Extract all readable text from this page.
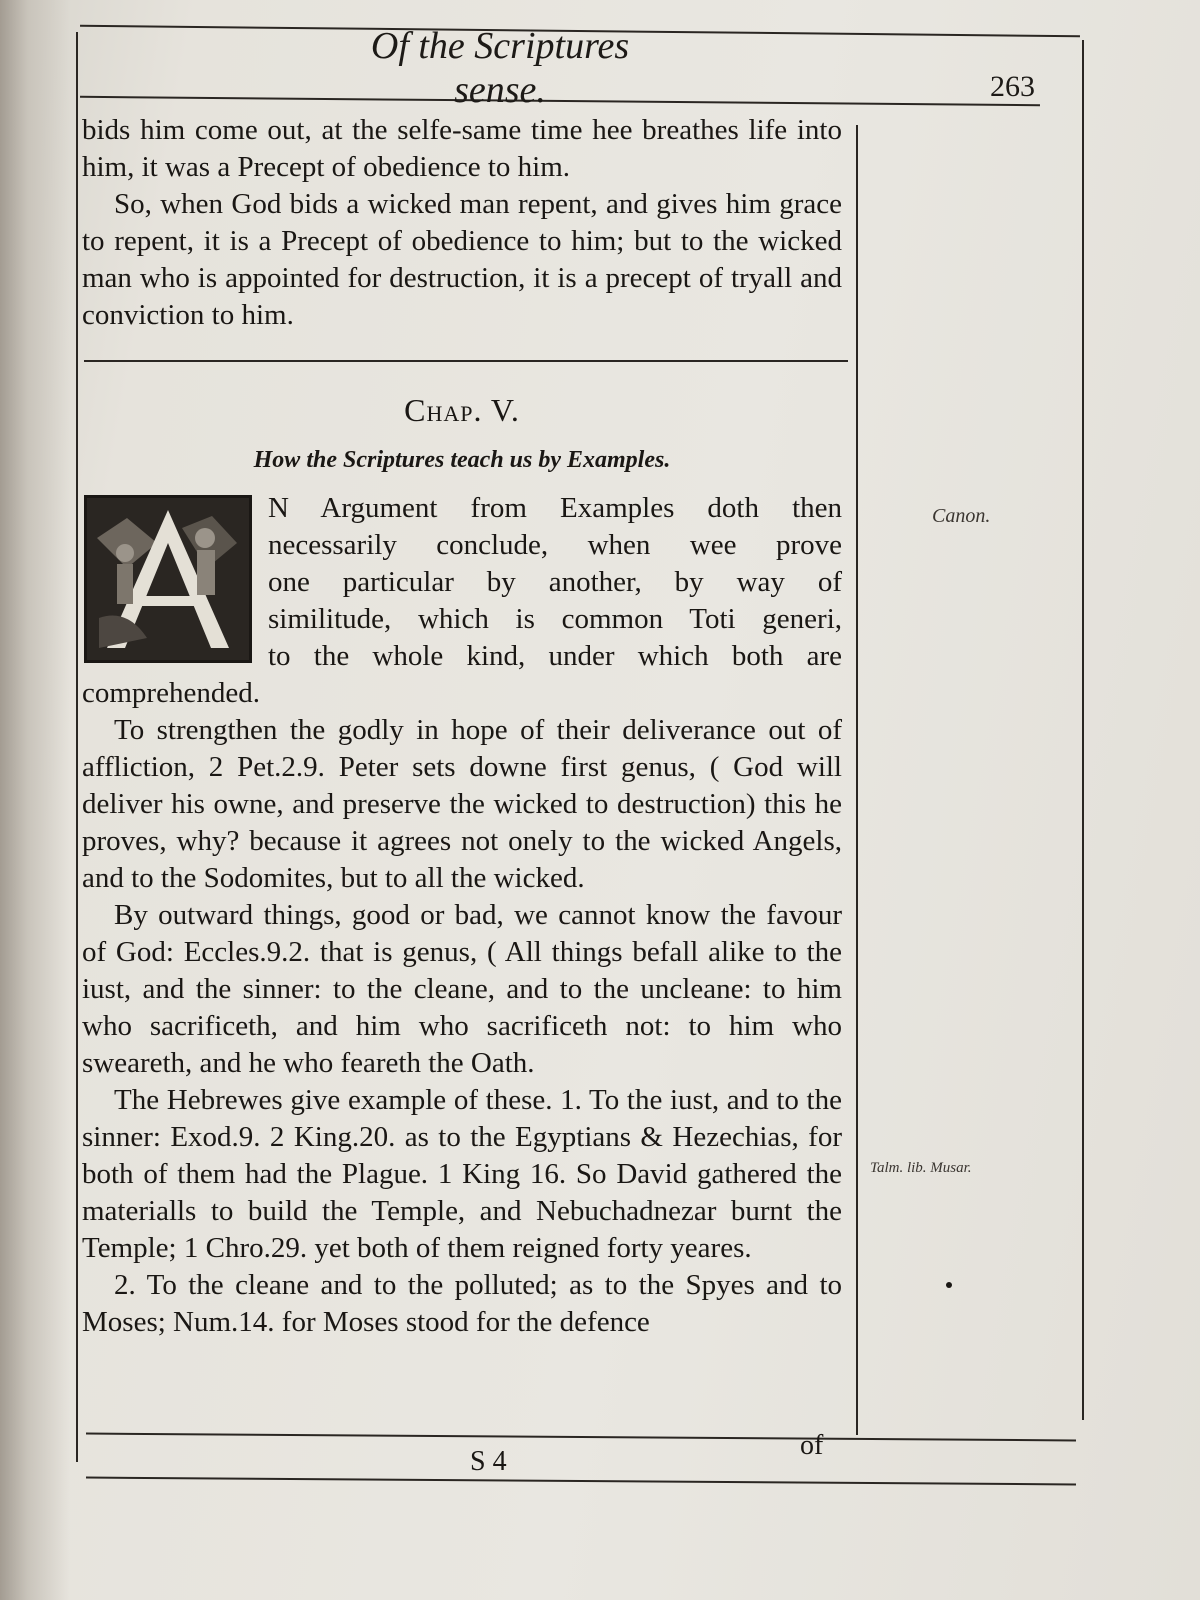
Of the Scriptures sense.	263

bids him come out, at the selfe-same time hee breathes life into him, it was a Precept of obedience to him.

So, when God bids a wicked man repent, and gives him grace to repent, it is a Precept of obedience to him; but to the wicked man who is appointed for destruction, it is a precept of tryall and conviction to him.

Chap. V.
How the Scriptures teach us by Examples.

N Argument from Examples doth then

necessarily conclude, when wee prove

one particular by another, by way of

similitude, which is common Toti generi,

to the whole kind, under which both are

comprehended.

To strengthen the godly in hope of their deliverance out of affliction, 2 Pet.2.9. Peter sets downe first genus, ( God will deliver his owne, and preserve the wicked to destruction) this he proves, why? because it agrees not onely to the wicked Angels, and to the Sodomites, but to all the wicked.

By outward things, good or bad, we cannot know the favour of God: Eccles.9.2. that is genus, ( All things befall alike to the iust, and the sinner: to the cleane, and to the uncleane: to him who sacrificeth, and him who sacrificeth not: to him who sweareth, and he who feareth the Oath.

The Hebrewes give example of these. 1. To the iust, and to the sinner: Exod.9. 2 King.20. as to the Egyptians & Hezechias, for both of them had the Plague. 1 King 16. So David gathered the materialls to build the Temple, and Nebuchadnezar burnt the Temple; 1 Chro.29. yet both of them reigned forty yeares.

2. To the cleane and to the polluted; as to the Spyes and to Moses; Num.14. for Moses stood for the defence

Canon.
Talm. lib. Musar.
S 4
of
